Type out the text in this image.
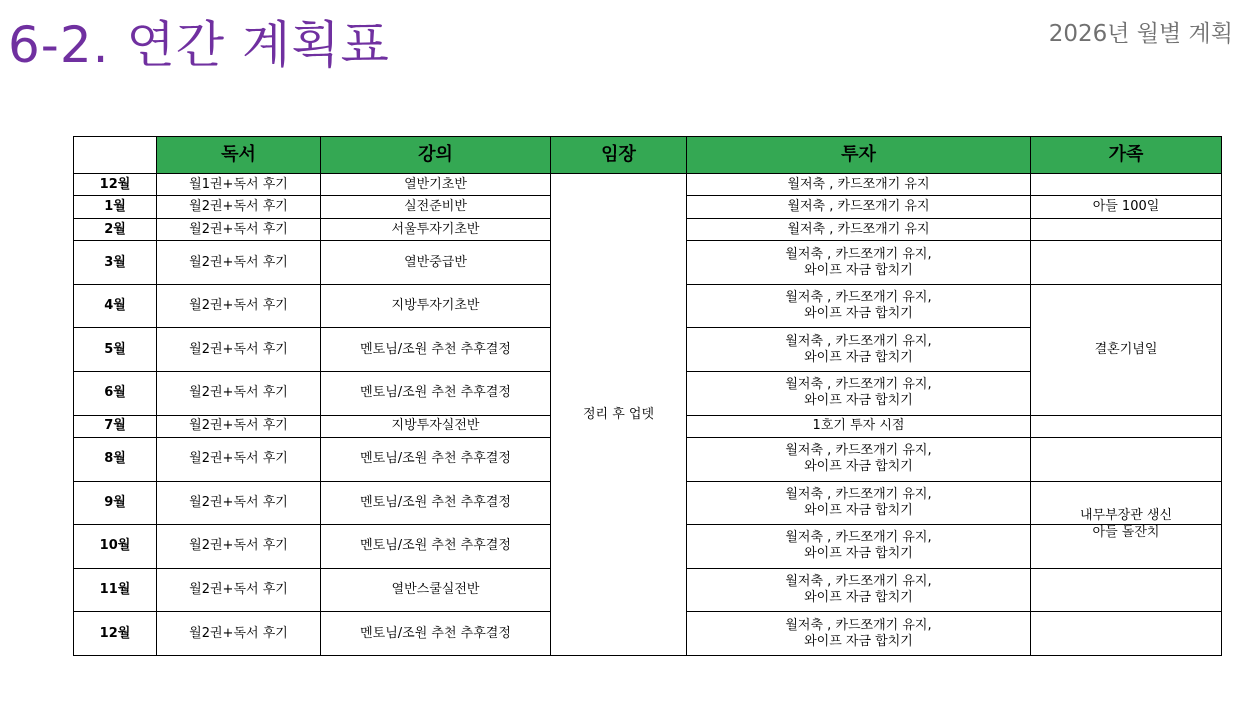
6-2. 연간 계획표	2026년 월별 계획
	독서	강의	임장	투자	가족
12월	월1권+독서 후기	열반기초반	정리 후 업뎃	월저축 , 카드쪼개기 유지	
1월	월2권+독서 후기	실전준비반		월저축 , 카드쪼개기 유지	아들 100일
2월	월2권+독서 후기	서울투자기초반		월저축 , 카드쪼개기 유지	
3월	월2권+독서 후기	열반중급반		월저축 , 카드쪼개기 유지,
와이프 자금 합치기	
4월	월2권+독서 후기	지방투자기초반		월저축 , 카드쪼개기 유지,
와이프 자금 합치기	결혼기념일
5월	월2권+독서 후기	멘토님/조원 추천 추후결정		월저축 , 카드쪼개기 유지,
와이프 자금 합치기	
6월	월2권+독서 후기	멘토님/조원 추천 추후결정		월저축 , 카드쪼개기 유지,
와이프 자금 합치기	
7월	월2권+독서 후기	지방투자실전반		1호기 투자 시점	
8월	월2권+독서 후기	멘토님/조원 추천 추후결정		월저축 , 카드쪼개기 유지,
와이프 자금 합치기	
9월	월2권+독서 후기	멘토님/조원 추천 추후결정		월저축 , 카드쪼개기 유지,
와이프 자금 합치기	내무부장관 생신
10월	월2권+독서 후기	멘토님/조원 추천 추후결정		월저축 , 카드쪼개기 유지,
와이프 자금 합치기	아들 돌잔치
11월	월2권+독서 후기	열반스쿨실전반		월저축 , 카드쪼개기 유지,
와이프 자금 합치기	
12월	월2권+독서 후기	멘토님/조원 추천 추후결정		월저축 , 카드쪼개기 유지,
와이프 자금 합치기	
